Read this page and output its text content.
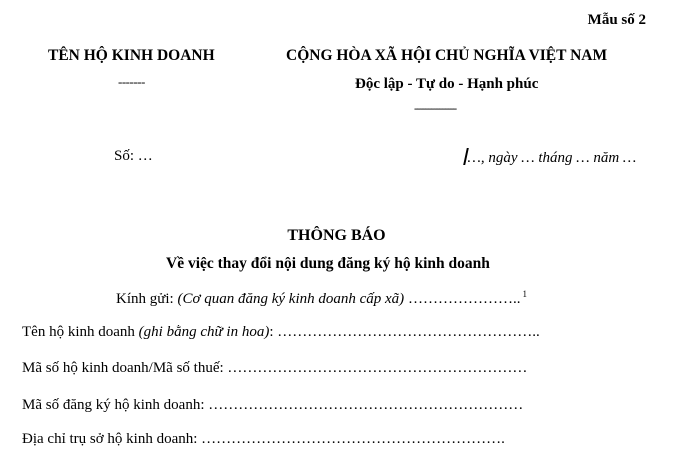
Mẫu số 2
TÊN HỘ KINH DOANH
-------
CỘNG HÒA XÃ HỘI CHỦ NGHĨA VIỆT NAM
Độc lập - Tự do - Hạnh phúc
---------------
Số: …	…, ngày … tháng … năm …
THÔNG BÁO
Về việc thay đổi nội dung đăng ký hộ kinh doanh
Kính gửi: (Cơ quan đăng ký kinh doanh cấp xã) ………………….. $^1$
Tên hộ kinh doanh (ghi bằng chữ in hoa): ……………………………………………..
Mã số hộ kinh doanh/Mã số thuế: ……………………………………………………
Mã số đăng ký hộ kinh doanh: ………………………………………………………
Địa chỉ trụ sở hộ kinh doanh: …………………………………………………….
